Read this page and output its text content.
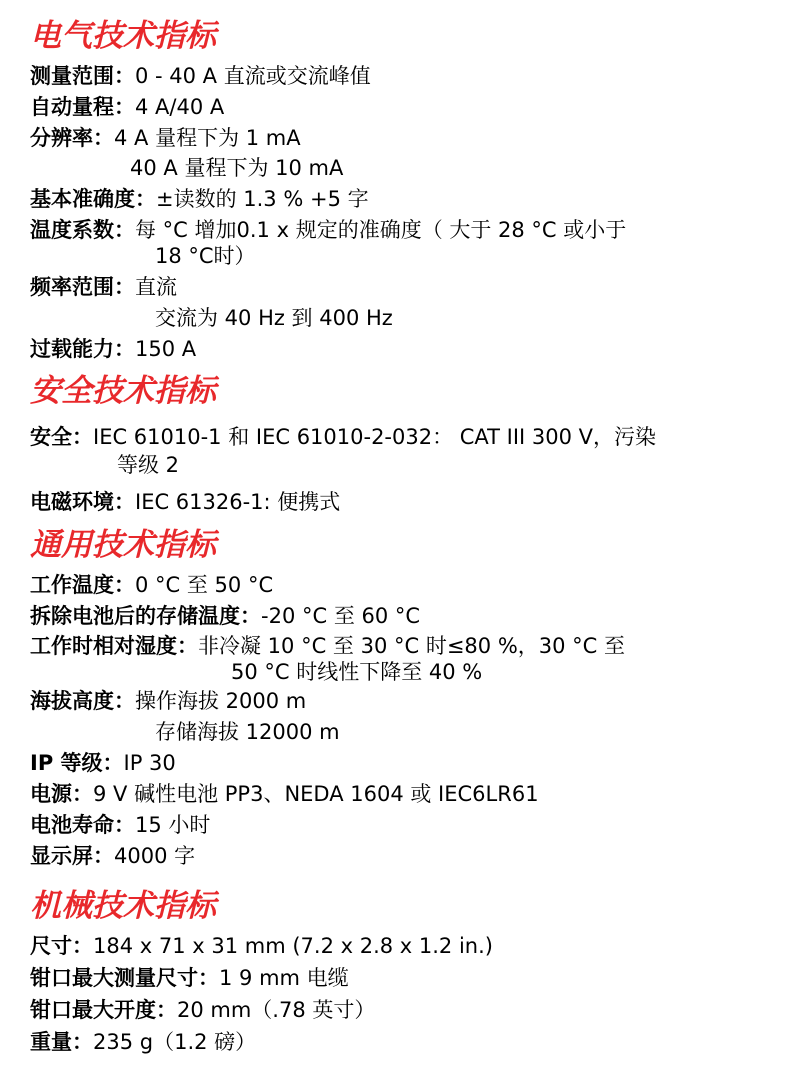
电气技术指标
测量范围：0 - 40 A 直流或交流峰值
自动量程：4 A/40 A
分辨率：4 A 量程下为 1 mA
40 A 量程下为 10 mA
基本准确度：±读数的 1.3 % +5 字
温度系数：每 °C 增加0.1 x 规定的准确度（ 大于 28 °C 或小于
18 °C时）
频率范围：直流
交流为 40 Hz 到 400 Hz
过载能力：150 A
安全技术指标
安全：IEC 61010-1 和 IEC 61010-2-032： CAT III 300 V，污染
等级 2
电磁环境：IEC 61326-1: 便携式
通用技术指标
工作温度：0 °C 至 50 °C
拆除电池后的存储温度：-20 °C 至 60 °C
工作时相对湿度：非冷凝 10 °C 至 30 °C 时≤80 %，30 °C 至
50 °C 时线性下降至 40 %
海拔高度：操作海拔 2000 m
存储海拔 12000 m
IP 等级：IP 30
电源：9 V 碱性电池 PP3、NEDA 1604 或 IEC6LR61
电池寿命：15 小时
显示屏：4000 字
机械技术指标
尺寸：184 x 71 x 31 mm (7.2 x 2.8 x 1.2 in.)
钳口最大测量尺寸：1 9 mm 电缆
钳口最大开度：20 mm（.78 英寸）
重量：235 g（1.2 磅）
